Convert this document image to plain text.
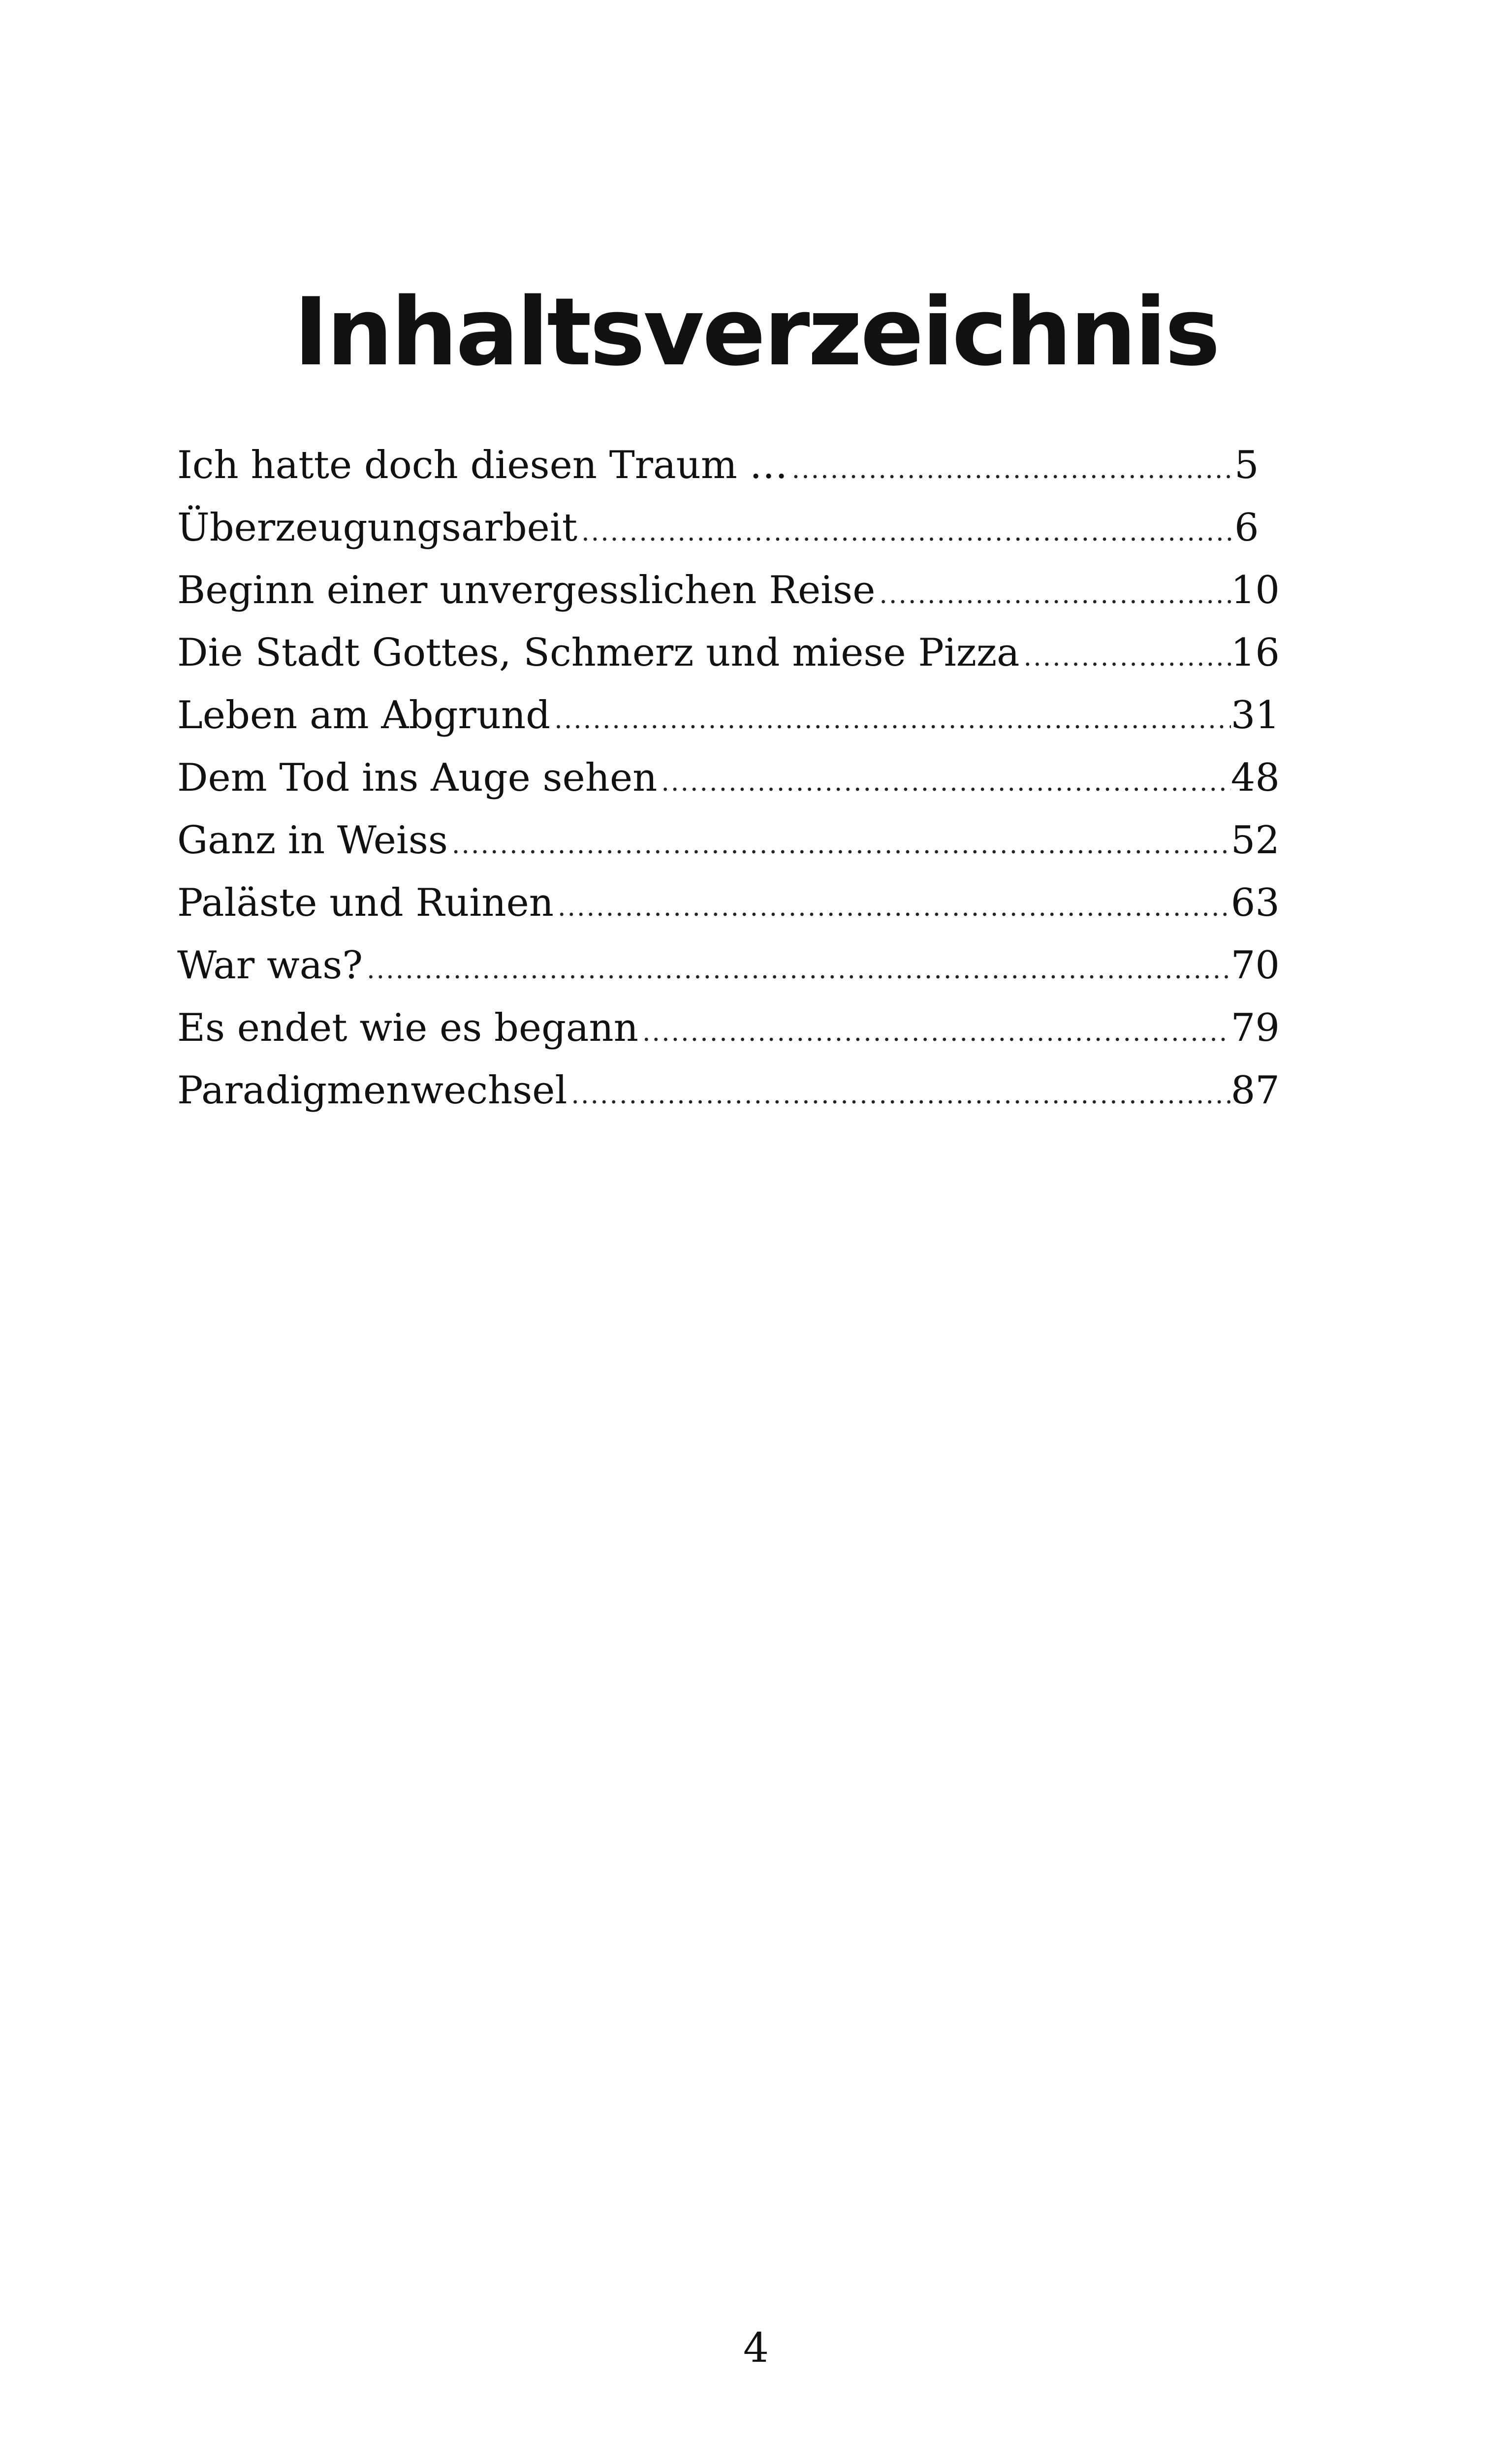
Inhaltsverzeichnis
Ich hatte doch diesen Traum … .....	5
Überzeugungsarbeit .....	6
Beginn einer unvergesslichen Reise .....	10
Die Stadt Gottes, Schmerz und miese Pizza .....	16
Leben am Abgrund .....	31
Dem Tod ins Auge sehen .....	48
Ganz in Weiss .....	52
Paläste und Ruinen .....	63
War was? .....	70
Es endet wie es begann .....	79
Paradigmenwechsel .....	87
4
